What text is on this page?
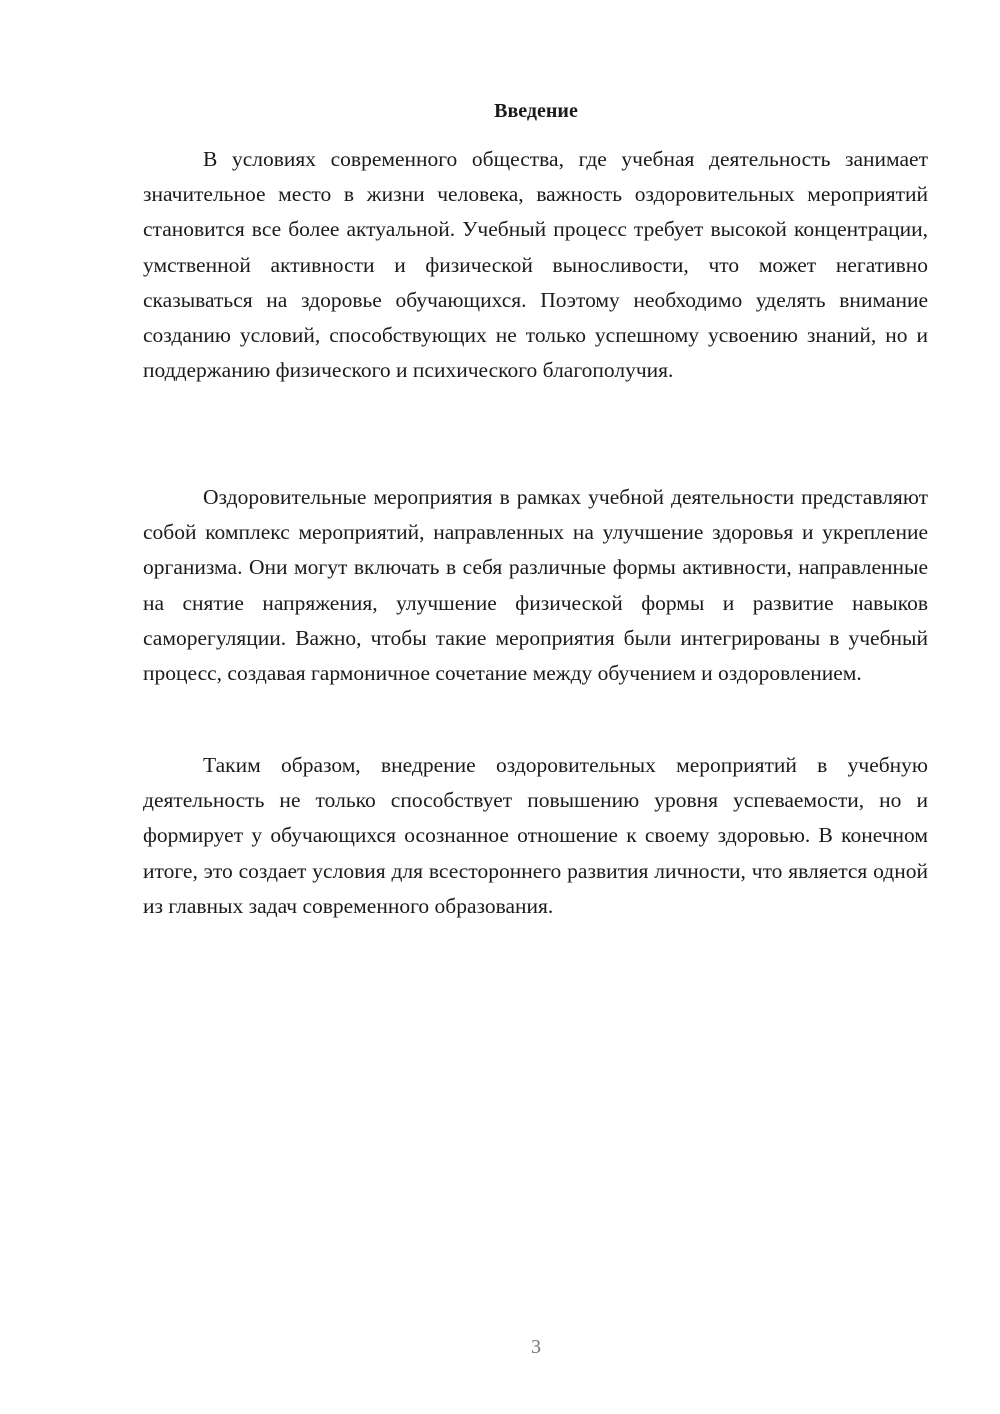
Введение

В условиях современного общества, где учебная деятельность занимает значительное место в жизни человека, важность оздоровительных мероприятий становится все более актуальной. Учебный процесс требует высокой концентрации, умственной активности и физической выносливости, что может негативно сказываться на здоровье обучающихся. Поэтому необходимо уделять внимание созданию условий, способствующих не только успешному усвоению знаний, но и поддержанию физического и психического благополучия.

Оздоровительные мероприятия в рамках учебной деятельности представляют собой комплекс мероприятий, направленных на улучшение здоровья и укрепление организма. Они могут включать в себя различные формы активности, направленные на снятие напряжения, улучшение физической формы и развитие навыков саморегуляции. Важно, чтобы такие мероприятия были интегрированы в учебный процесс, создавая гармоничное сочетание между обучением и оздоровлением.

Таким образом, внедрение оздоровительных мероприятий в учебную деятельность не только способствует повышению уровня успеваемости, но и формирует у обучающихся осознанное отношение к своему здоровью. В конечном итоге, это создает условия для всестороннего развития личности, что является одной из главных задач современного образования.

3
